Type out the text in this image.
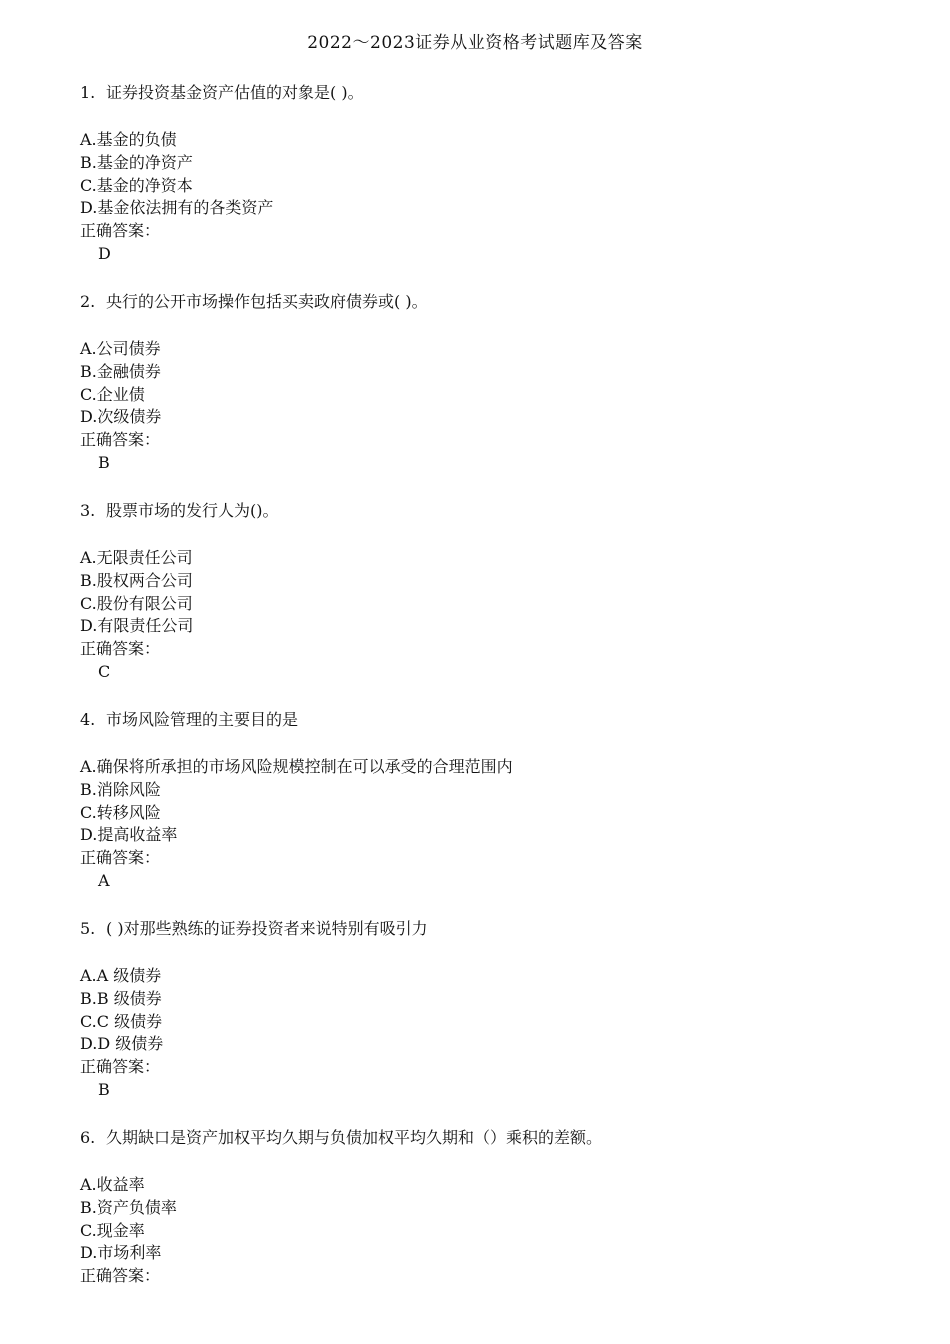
2022～2023证券从业资格考试题库及答案

1. 证券投资基金资产估值的对象是( )。

A.基金的负债
B.基金的净资产
C.基金的净资本
D.基金依法拥有的各类资产
正确答案：
D

2. 央行的公开市场操作包括买卖政府债券或( )。

A.公司债券
B.金融债券
C.企业债
D.次级债券
正确答案：
B

3. 股票市场的发行人为()。

A.无限责任公司
B.股权两合公司
C.股份有限公司
D.有限责任公司
正确答案：
C

4. 市场风险管理的主要目的是

A.确保将所承担的市场风险规模控制在可以承受的合理范围内
B.消除风险
C.转移风险
D.提高收益率
正确答案：
A

5. ( )对那些熟练的证券投资者来说特别有吸引力

A.A 级债券
B.B 级债券
C.C 级债券
D.D 级债券
正确答案：
B

6. 久期缺口是资产加权平均久期与负债加权平均久期和（）乘积的差额。

A.收益率
B.资产负债率
C.现金率
D.市场利率
正确答案：
